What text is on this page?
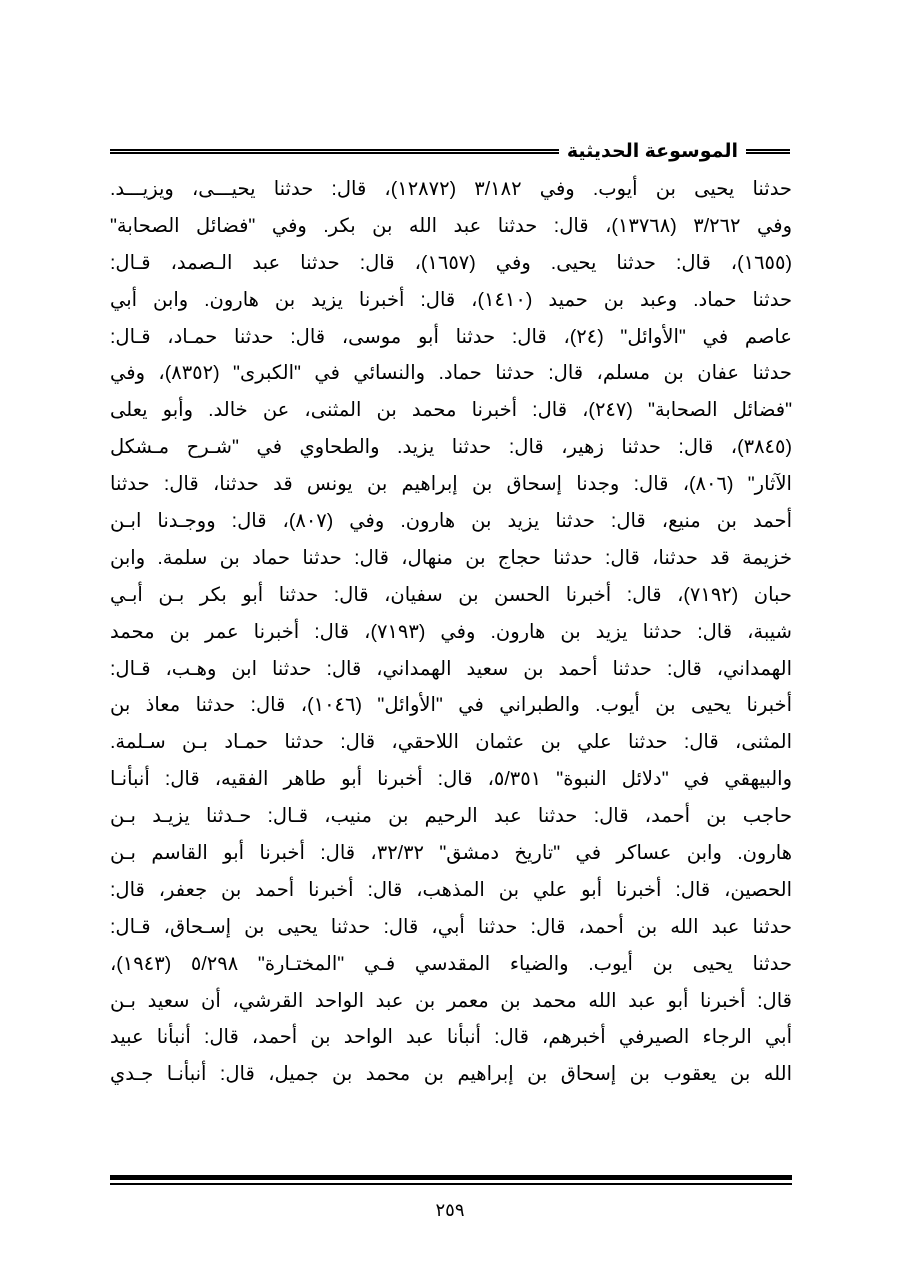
الموسوعة الحديثية
حدثنا يحيى بن أيوب. وفي ٣/١٨٢ (١٢٨٧٢)، قال: حدثنا يحيـــى، ويزيـــد.
وفي ٣/٢٦٢ (١٣٧٦٨)، قال: حدثنا عبد الله بن بكر. وفي "فضائل الصحابة"
(١٦٥٥)، قال: حدثنا يحيى. وفي (١٦٥٧)، قال: حدثنا عبد الـصمد، قـال:
حدثنا حماد. وعبد بن حميد (١٤١٠)، قال: أخبرنا يزيد بن هارون. وابن أبي
عاصم في "الأوائل" (٢٤)، قال: حدثنا أبو موسى، قال: حدثنا حمـاد، قـال:
حدثنا عفان بن مسلم، قال: حدثنا حماد. والنسائي في "الكبرى" (٨٣٥٢)، وفي
"فضائل الصحابة" (٢٤٧)، قال: أخبرنا محمد بن المثنى، عن خالد. وأبو يعلى
(٣٨٤٥)، قال: حدثنا زهير، قال: حدثنا يزيد. والطحاوي في "شـرح مـشكل
الآثار" (٨٠٦)، قال: وجدنا إسحاق بن إبراهيم بن يونس قد حدثنا، قال: حدثنا
أحمد بن منيع، قال: حدثنا يزيد بن هارون. وفي (٨٠٧)، قال: ووجـدنا ابـن
خزيمة قد حدثنا، قال: حدثنا حجاج بن منهال، قال: حدثنا حماد بن سلمة. وابن
حبان (٧١٩٢)، قال: أخبرنا الحسن بن سفيان، قال: حدثنا أبو بكر بـن أبـي
شيبة، قال: حدثنا يزيد بن هارون. وفي (٧١٩٣)، قال: أخبرنا عمر بن محمد
الهمداني، قال: حدثنا أحمد بن سعيد الهمداني، قال: حدثنا ابن وهـب، قـال:
أخبرنا يحيى بن أيوب. والطبراني في "الأوائل" (١٠٤٦)، قال: حدثنا معاذ بن
المثنى، قال: حدثنا علي بن عثمان اللاحقي، قال: حدثنا حمـاد بـن سـلمة.
والبيهقي في "دلائل النبوة" ٥/٣٥١، قال: أخبرنا أبو طاهر الفقيه، قال: أنبأنـا
حاجب بن أحمد، قال: حدثنا عبد الرحيم بن منيب، قـال: حـدثنا يزيـد بـن
هارون. وابن عساكر في "تاريخ دمشق" ٣٢/٣٢، قال: أخبرنا أبو القاسم بـن
الحصين، قال: أخبرنا أبو علي بن المذهب، قال: أخبرنا أحمد بن جعفر، قال:
حدثنا عبد الله بن أحمد، قال: حدثنا أبي، قال: حدثنا يحيى بن إسـحاق، قـال:
حدثنا يحيى بن أيوب. والضياء المقدسي فـي "المختـارة" ٥/٢٩٨ (١٩٤٣)،
قال: أخبرنا أبو عبد الله محمد بن معمر بن عبد الواحد القرشي، أن سعيد بـن
أبي الرجاء الصيرفي أخبرهم، قال: أنبأنا عبد الواحد بن أحمد، قال: أنبأنا عبيد
الله بن يعقوب بن إسحاق بن إبراهيم بن محمد بن جميل، قال: أنبأنـا جـدي
٢٥٩
